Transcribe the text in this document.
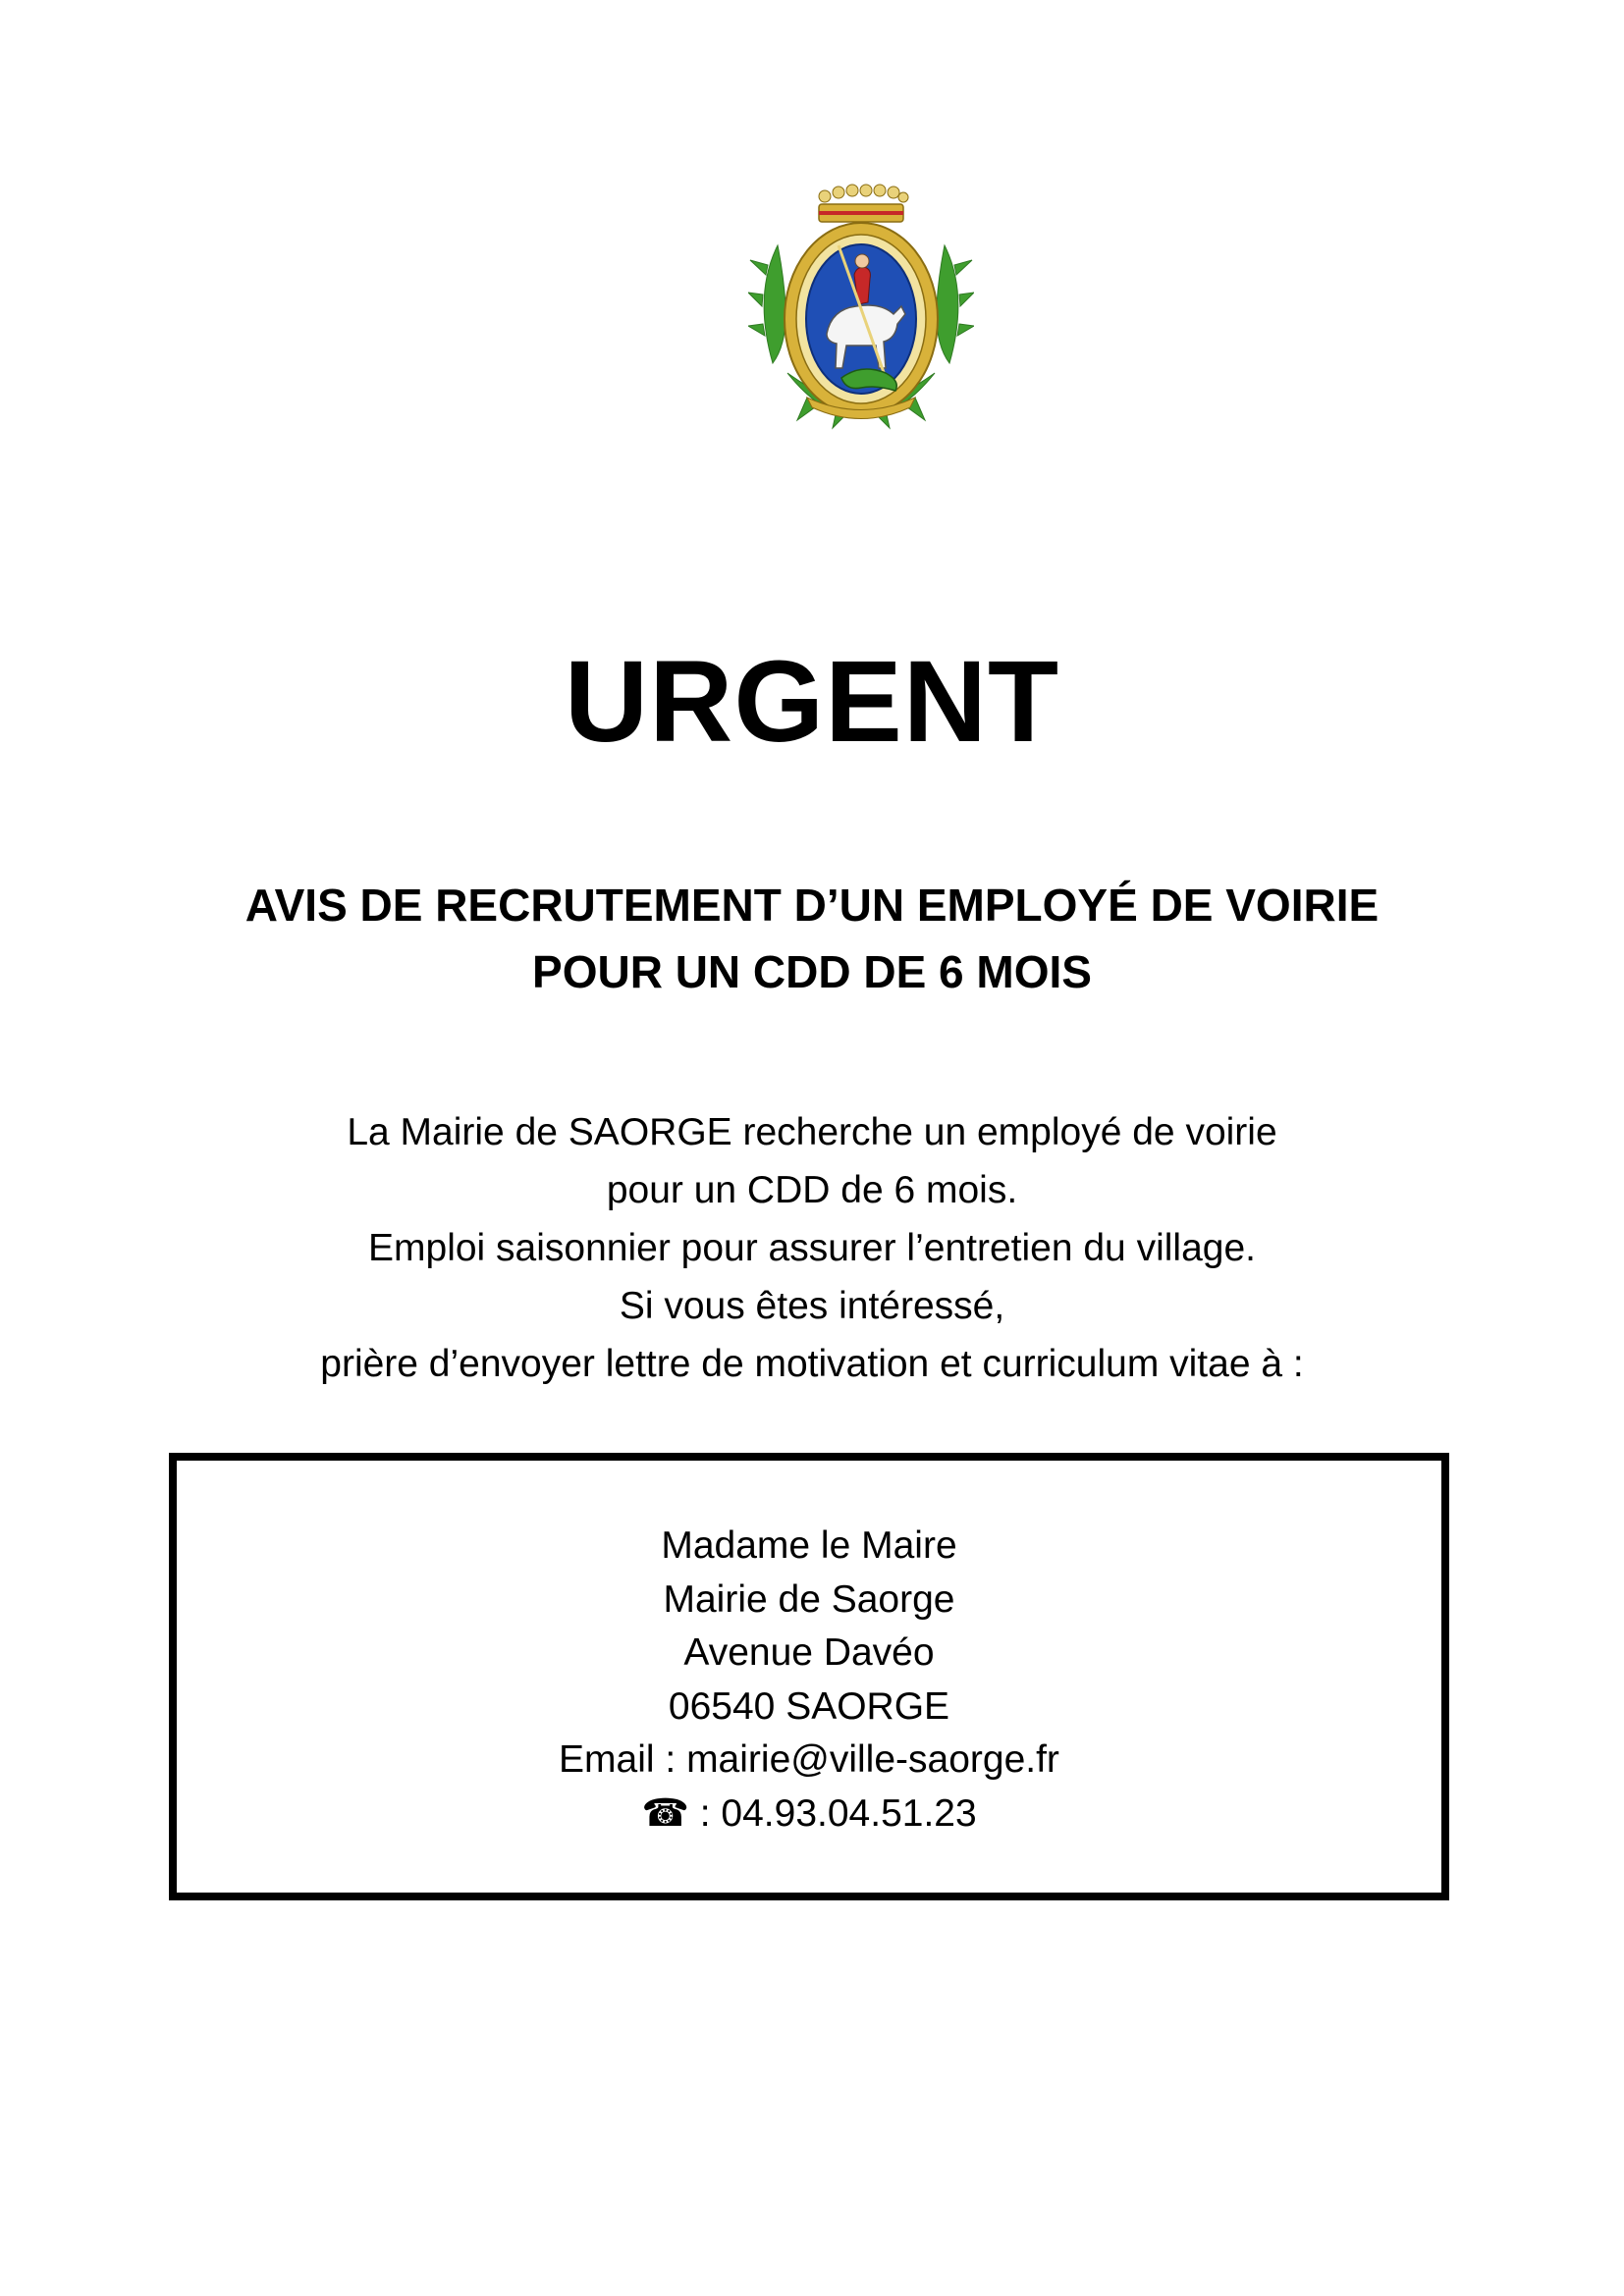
URGENT
AVIS DE RECRUTEMENT D’UN EMPLOYÉ DE VOIRIE
POUR UN CDD DE 6 MOIS
La Mairie de SAORGE recherche un employé de voirie
pour un CDD de 6 mois.
Emploi saisonnier pour assurer l’entretien du village.
Si vous êtes intéressé,
prière d’envoyer lettre de motivation et curriculum vitae à :
Madame le Maire
Mairie de Saorge
Avenue Davéo
06540 SAORGE
Email : mairie@ville-saorge.fr
☎ : 04.93.04.51.23
